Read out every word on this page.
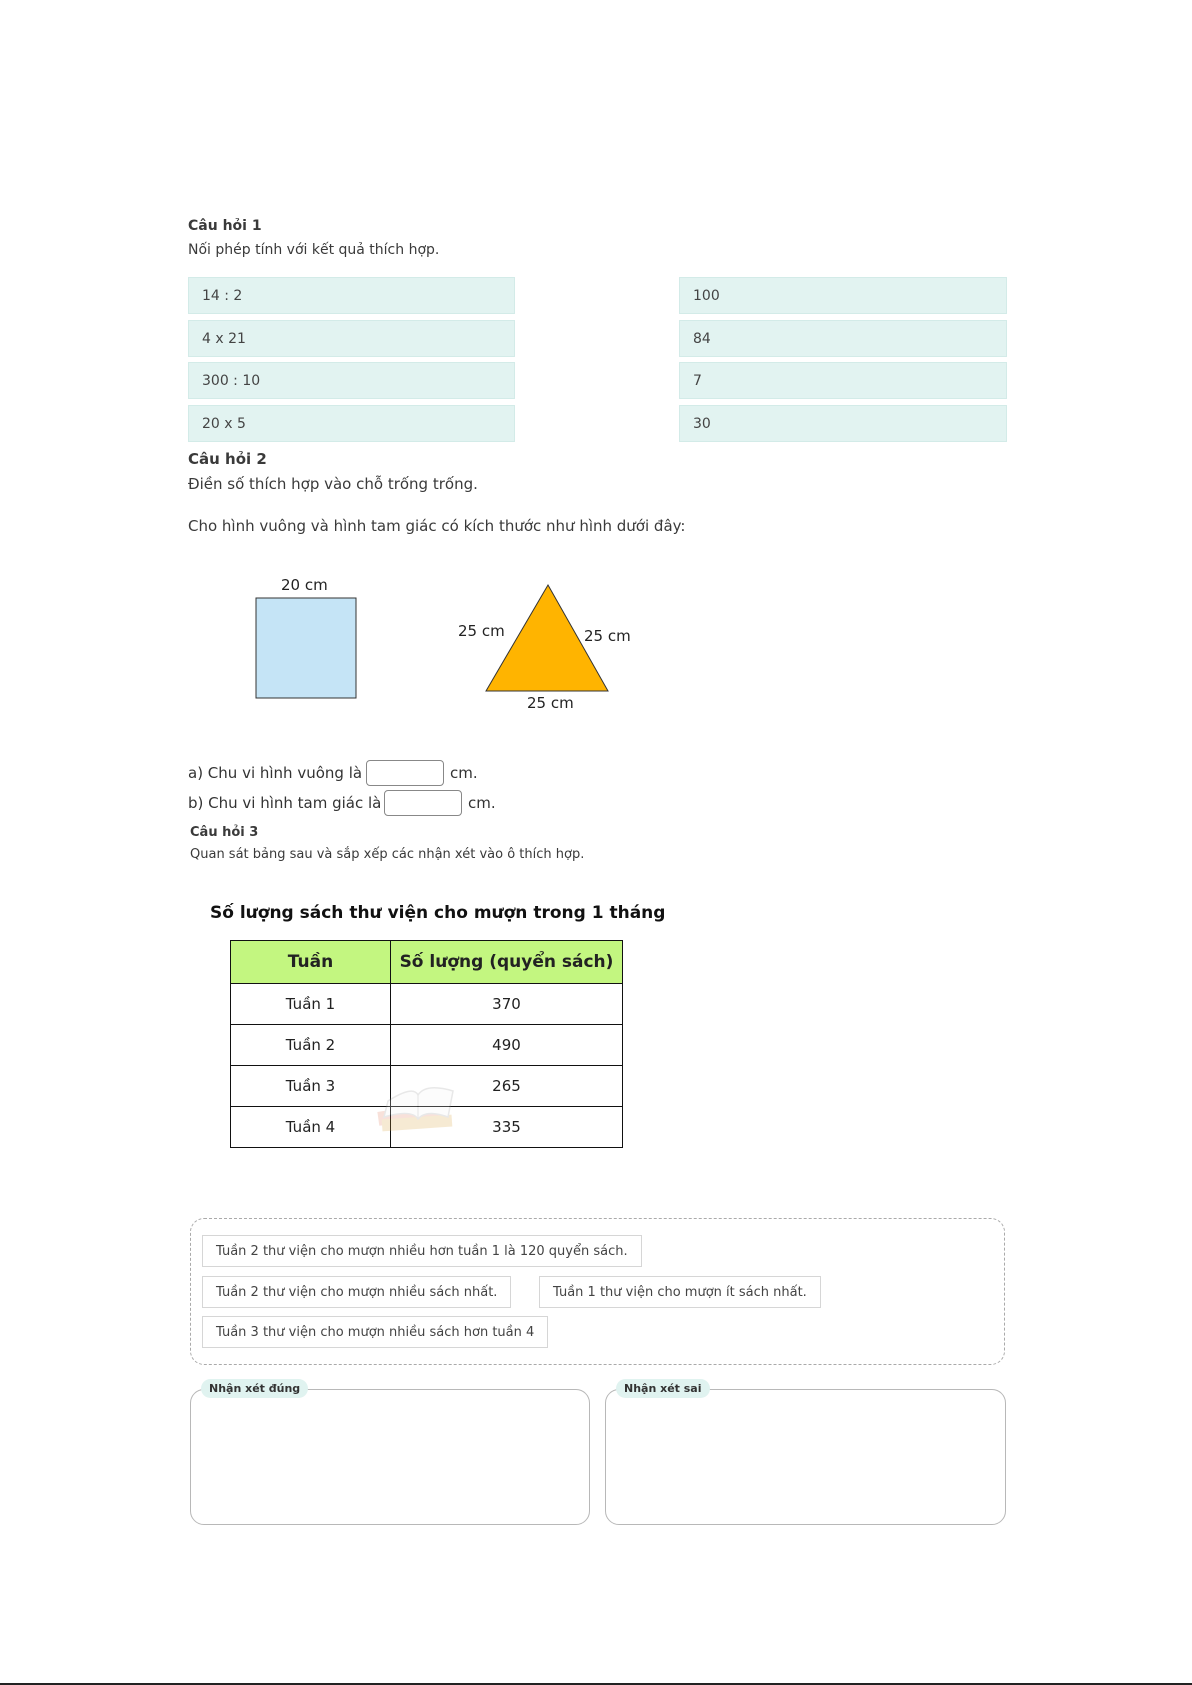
Câu hỏi 1
Nối phép tính với kết quả thích hợp.
14 : 2
4 x 21
300 : 10
20 x 5
100
84
7
30
Câu hỏi 2
Điền số thích hợp vào chỗ trống trống.
Cho hình vuông và hình tam giác có kích thước như hình dưới đây:
20 cm
25 cm	25 cm
25 cm
a) Chu vi hình vuông là	cm.
b) Chu vi hình tam giác là	cm.
Câu hỏi 3
Quan sát bảng sau và sắp xếp các nhận xét vào ô thích hợp.
Số lượng sách thư viện cho mượn trong 1 tháng
Tuần	Số lượng (quyển sách)
Tuần 1	370
Tuần 2	490
Tuần 3	265
Tuần 4	335
Tuần 2 thư viện cho mượn nhiều hơn tuần 1 là 120 quyển sách.
Tuần 2 thư viện cho mượn nhiều sách nhất.	Tuần 1 thư viện cho mượn ít sách nhất.
Tuần 3 thư viện cho mượn nhiều sách hơn tuần 4
Nhận xét đúng	Nhận xét sai
